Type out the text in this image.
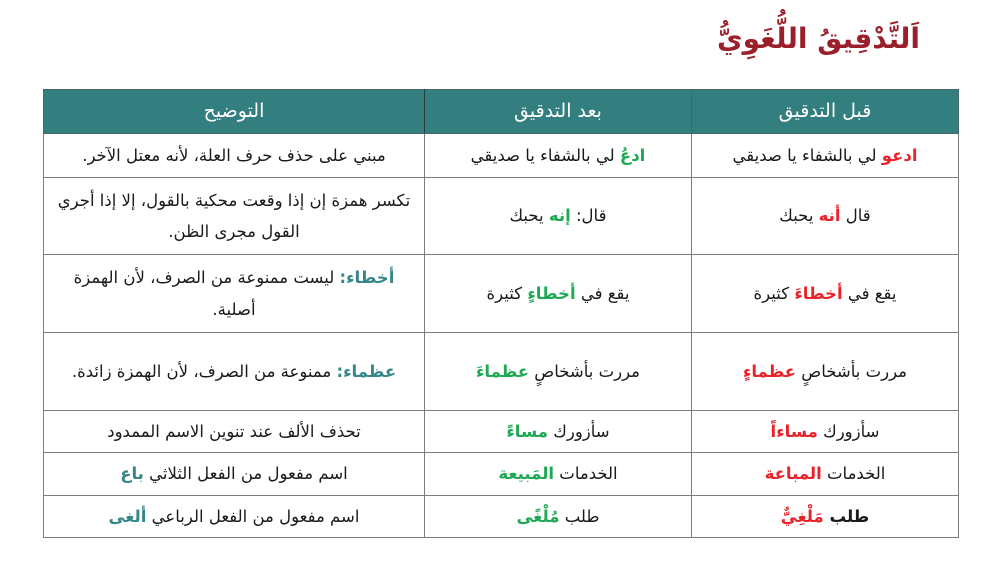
اَلتَّدْقِيقُ اللُّغَوِيُّ
قبل التدقيق	بعد التدقيق	التوضيح
ادعو لي بالشفاء يا صديقي	ادعُ لي بالشفاء يا صديقي	مبني على حذف حرف العلة، لأنه معتل الآخر.
قال أنه يحبك	قال: إنه يحبك	تكسر همزة إن إذا وقعت محكية بالقول، إلا إذا أجري القول مجرى الظن.
يقع في أخطاءَ كثيرة	يقع في أخطاءٍ كثيرة	أخطاء: ليست ممنوعة من الصرف، لأن الهمزة أصلية.
مررت بأشخاصٍ عظماءٍ	مررت بأشخاصٍ عظماءَ	عظماء: ممنوعة من الصرف، لأن الهمزة زائدة.
سأزورك مساءاً	سأزورك مساءً	تحذف الألف عند تنوين الاسم الممدود
الخدمات المباعة	الخدمات المَبيعة	اسم مفعول من الفعل الثلاثي باع
طلب مَلْغِيٌّ	طلب مُلْغًى	اسم مفعول من الفعل الرباعي ألغى
